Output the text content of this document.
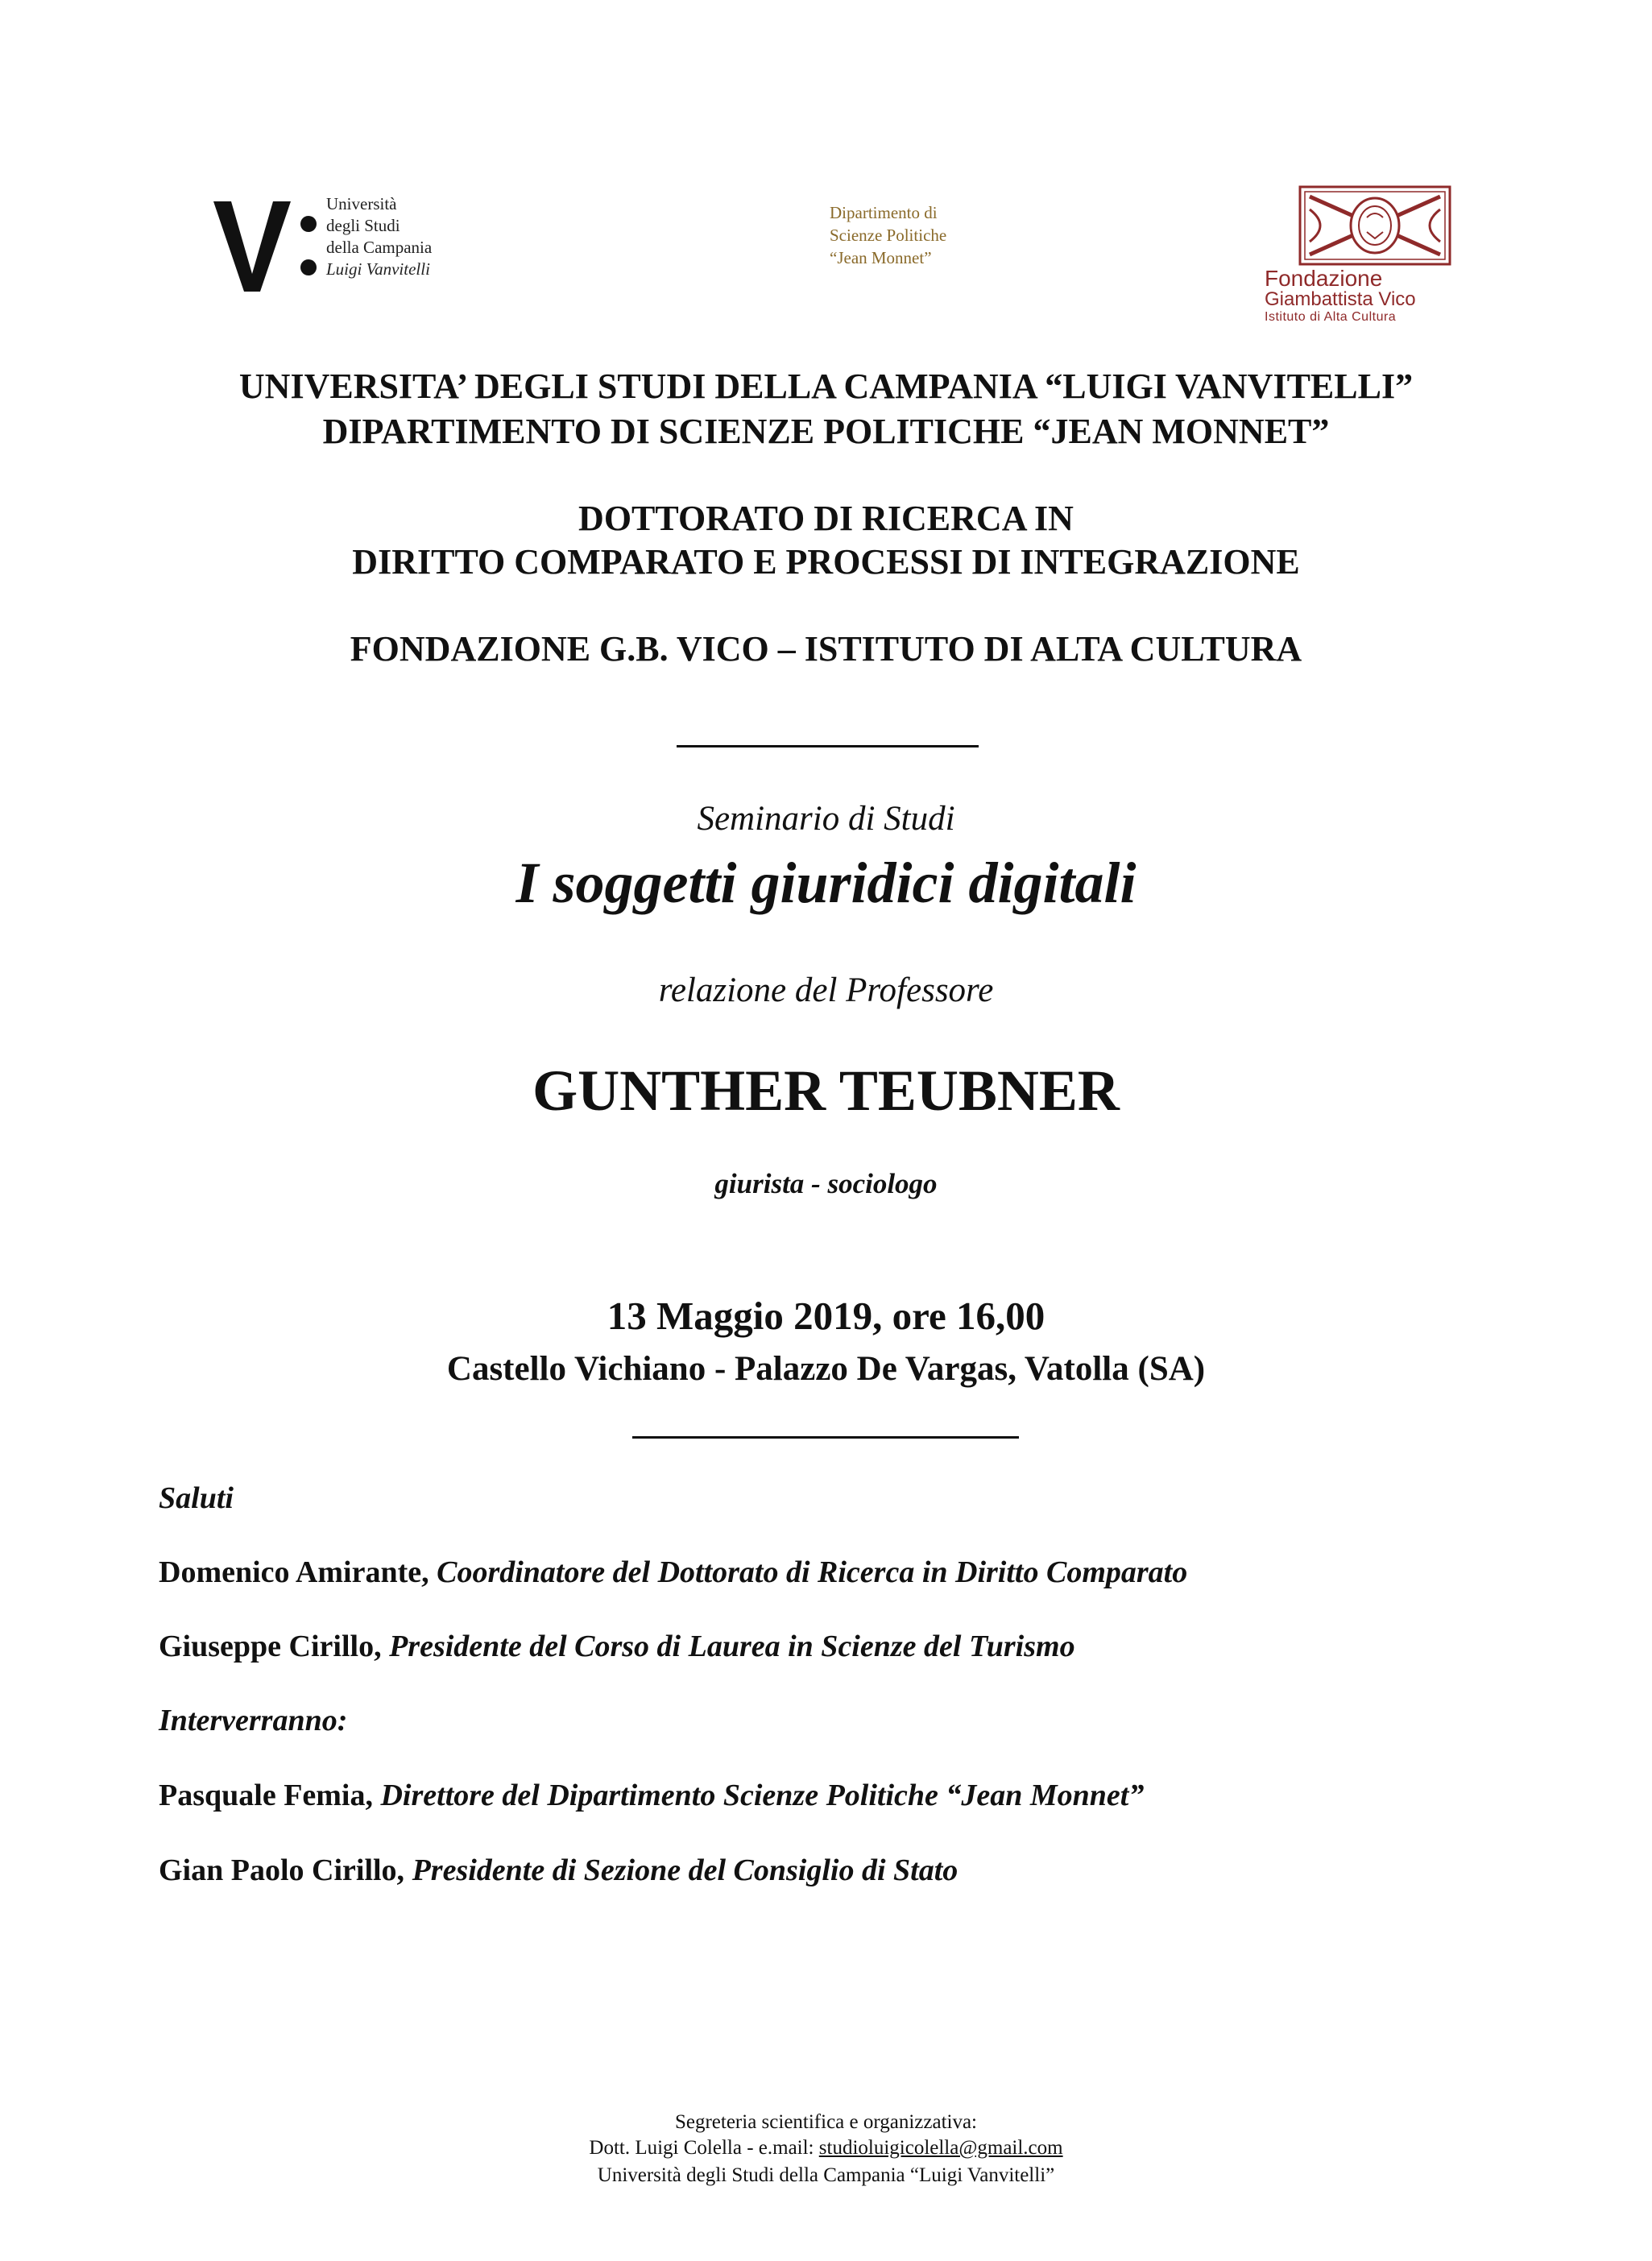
Università
degli Studi
della Campania
Luigi Vanvitelli
Dipartimento di
Scienze Politiche
“Jean Monnet”
Fondazione
Giambattista Vico
Istituto di Alta Cultura
UNIVERSITA’ DEGLI STUDI DELLA CAMPANIA “LUIGI VANVITELLI”
DIPARTIMENTO DI SCIENZE POLITICHE “JEAN MONNET”
DOTTORATO DI RICERCA IN
DIRITTO COMPARATO E PROCESSI DI INTEGRAZIONE
FONDAZIONE G.B. VICO – ISTITUTO DI ALTA CULTURA
Seminario di Studi
I soggetti giuridici digitali
relazione del Professore
GUNTHER TEUBNER
giurista - sociologo
13 Maggio 2019, ore 16,00
Castello Vichiano - Palazzo De Vargas, Vatolla (SA)
Saluti
Domenico Amirante, Coordinatore del Dottorato di Ricerca in Diritto Comparato
Giuseppe Cirillo, Presidente del Corso di Laurea in Scienze del Turismo
Interverranno:
Pasquale Femia, Direttore del Dipartimento Scienze Politiche “Jean Monnet”
Gian Paolo Cirillo, Presidente di Sezione del Consiglio di Stato
Segreteria scientifica e organizzativa:
Dott. Luigi Colella - e.mail: studioluigicolella@gmail.com
Università degli Studi della Campania “Luigi Vanvitelli”
